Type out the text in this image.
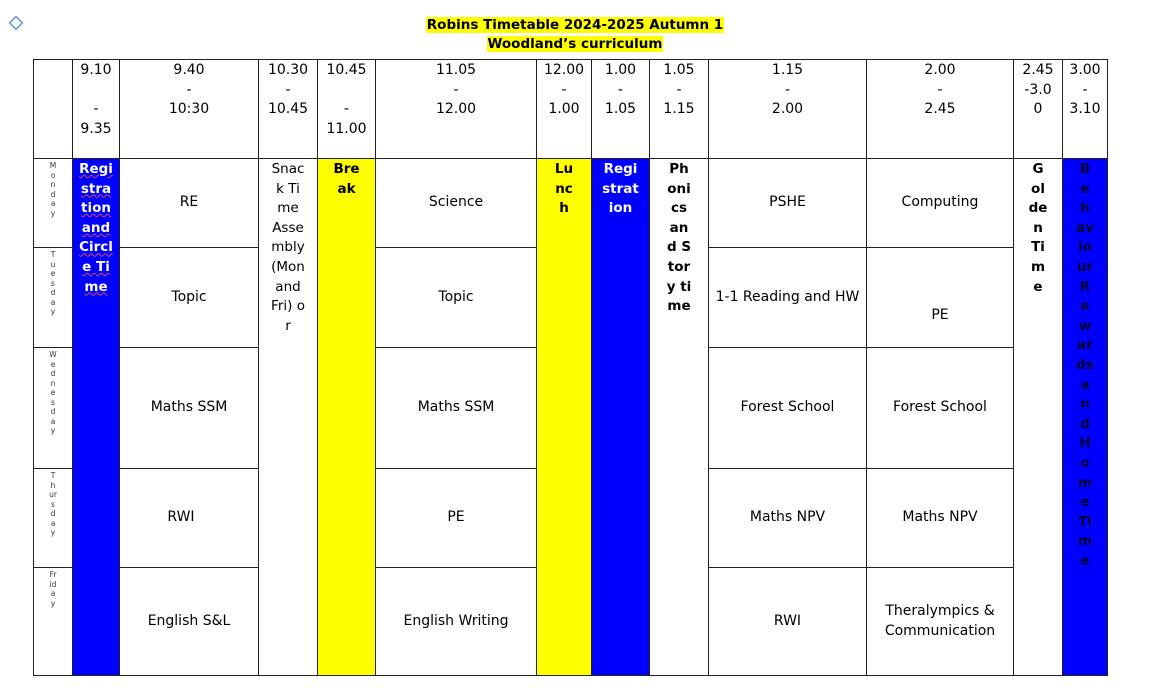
Robins Timetable 2024-2025 Autumn 1
Woodland’s curriculum
9.10

-
9.35
9.40
-
10:30
10.30
-
10.45
10.45

-
11.00
11.05
-
12.00
12.00
-
1.00
1.00
-
1.05
1.05
-
1.15
1.15
-
2.00
2.00
-
2.45
2.45
-3.0
0
3.00
-
3.10
Monday
Tuesday
Wednesday
Thursday
Friday
Registration and Circle Time
RE
Topic
Maths SSM
RWI
English S&L
Snack Time Assembly (Mon and Fri) or
Break
Science
Topic
Maths SSM
PE
English Writing
Lunch
Registration
Phonics and Story time
PSHE
1-1 Reading and HW
Forest School
Maths NPV
RWI
Computing
PE
Forest School
Maths NPV
Theralympics & Communication
Golden Time
Behaviour Rewards and Home Time
